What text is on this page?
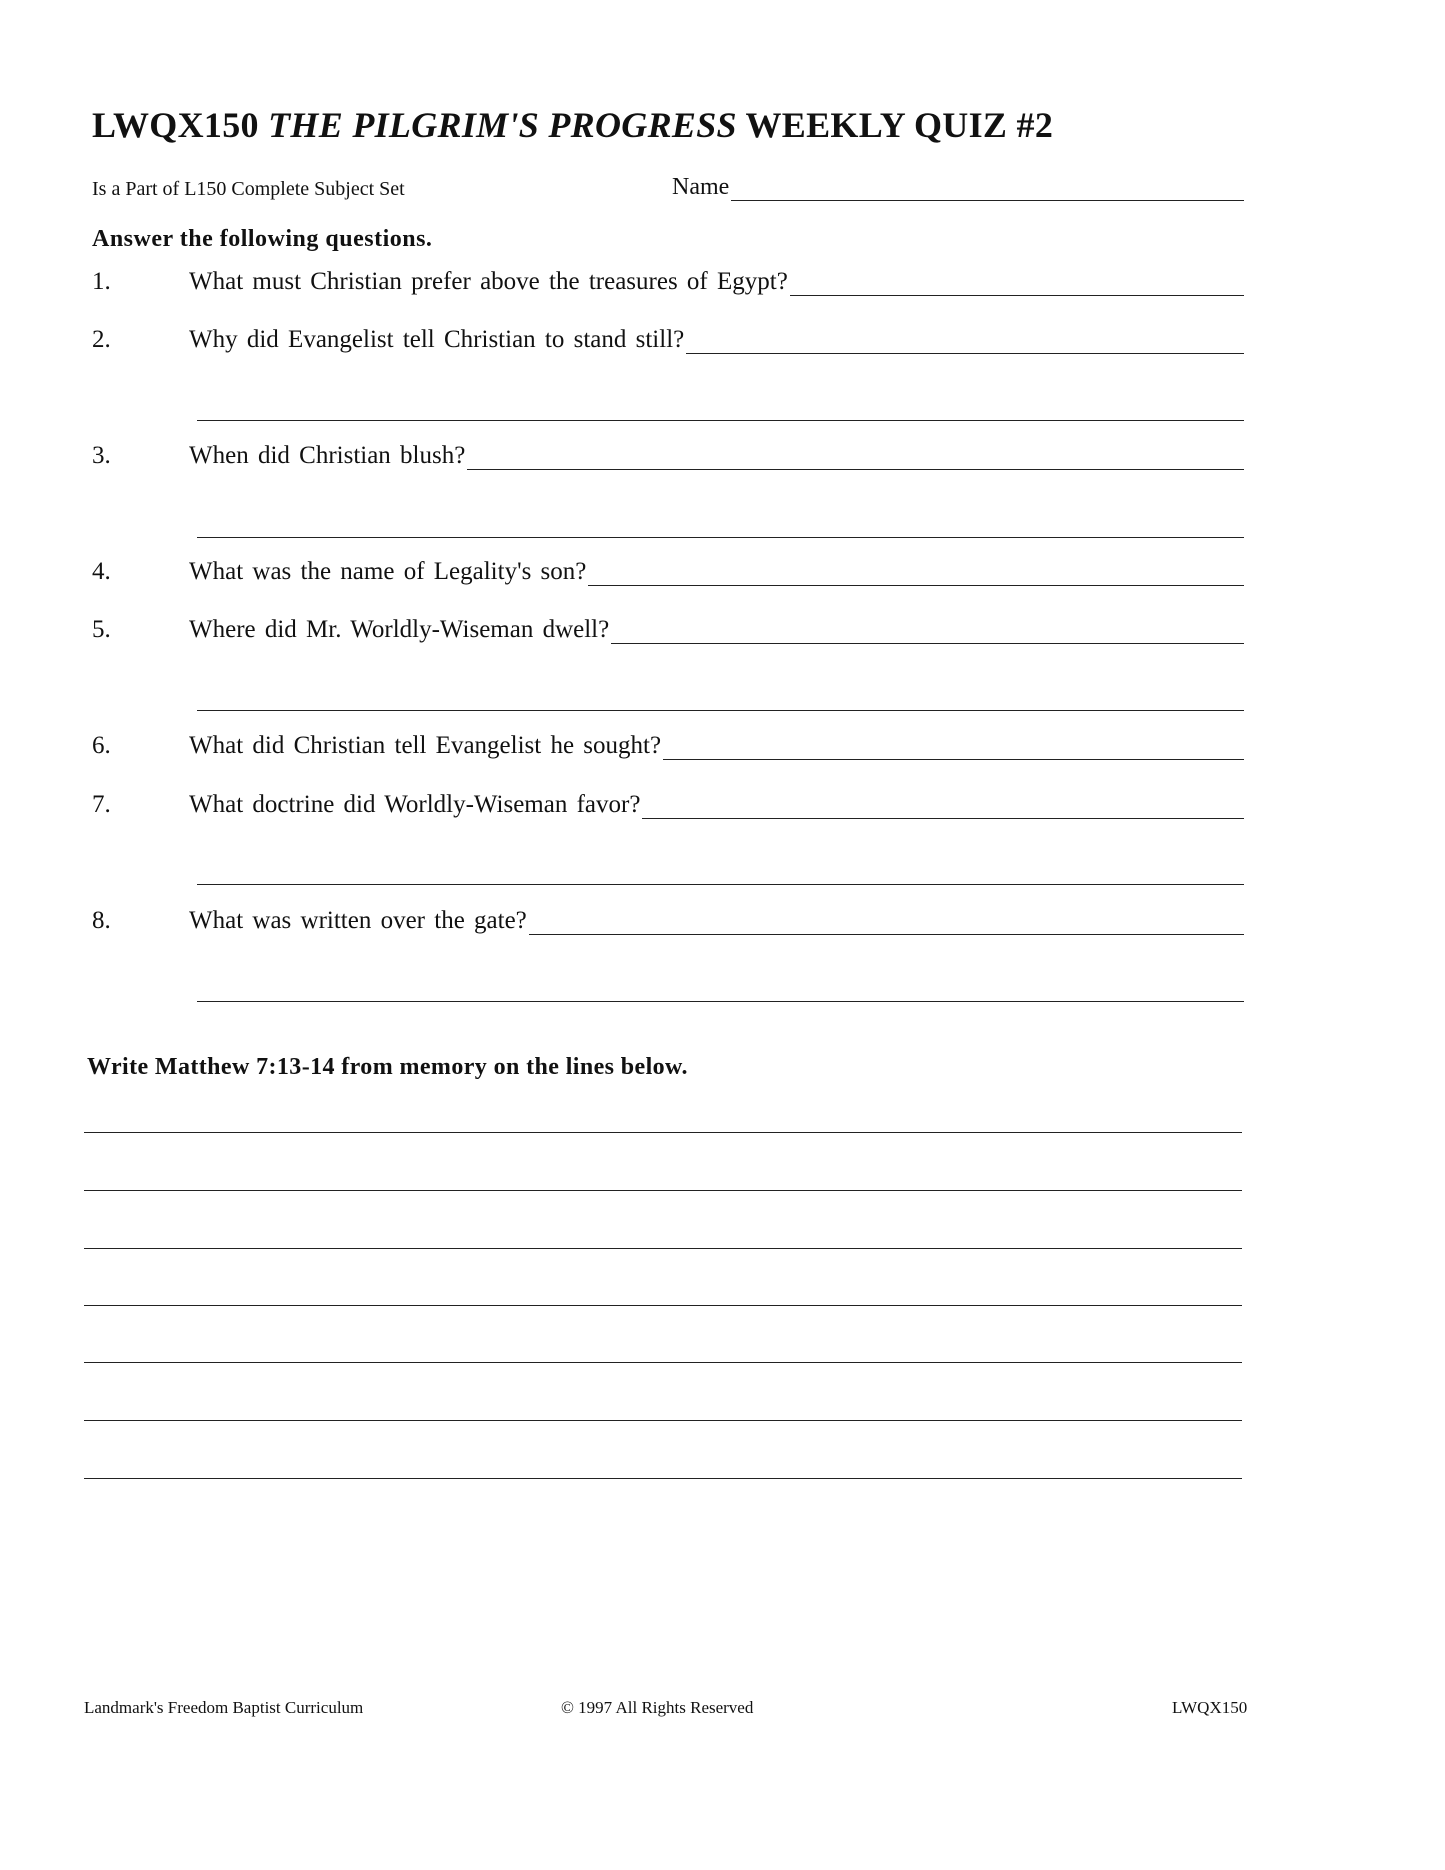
LWQX150 THE PILGRIM'S PROGRESS WEEKLY QUIZ #2
Is a Part of L150 Complete Subject Set	Name
Answer the following questions.
1.	What must Christian prefer above the treasures of Egypt?
2.	Why did Evangelist tell Christian to stand still?
3.	When did Christian blush?
4.	What was the name of Legality's son?
5.	Where did Mr. Worldly-Wiseman dwell?
6.	What did Christian tell Evangelist he sought?
7.	What doctrine did Worldly-Wiseman favor?
8.	What was written over the gate?
Write Matthew 7:13-14 from memory on the lines below.
Landmark's Freedom Baptist Curriculum	© 1997 All Rights Reserved	LWQX150
